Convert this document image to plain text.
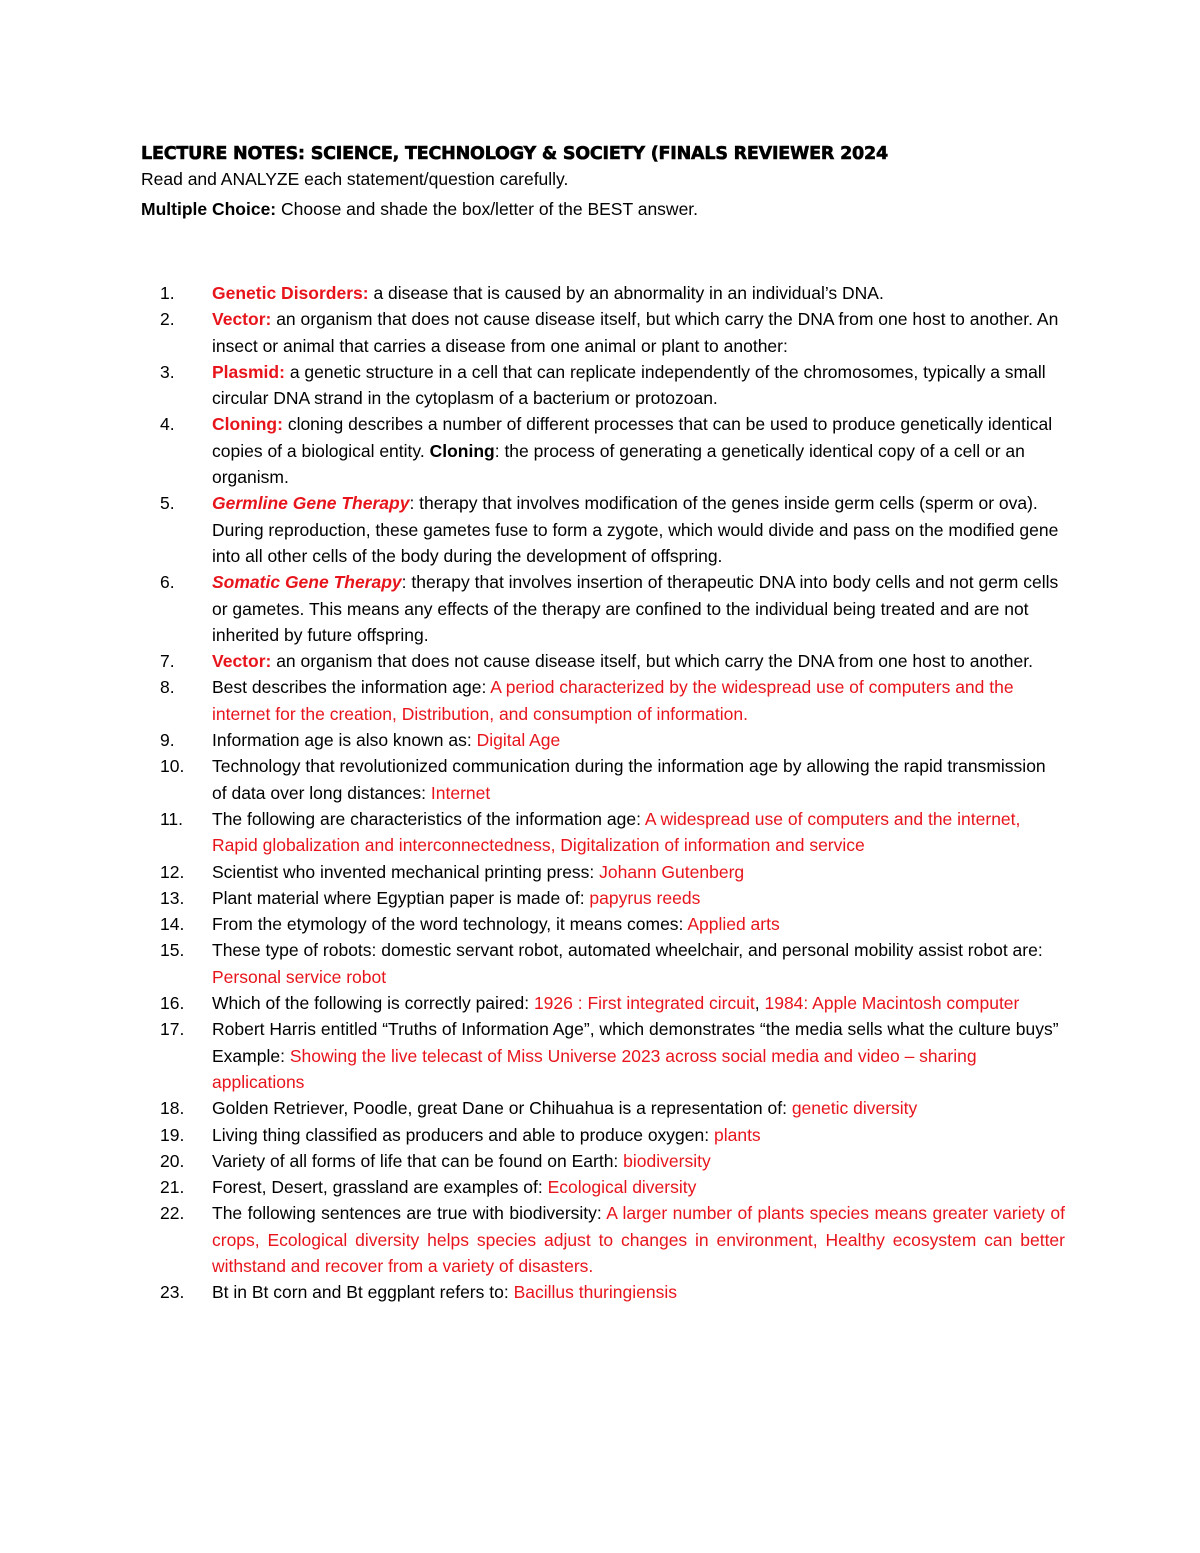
LECTURE NOTES: SCIENCE, TECHNOLOGY & SOCIETY (FINALS REVIEWER 2024
Read and ANALYZE each statement/question carefully.
Multiple Choice: Choose and shade the box/letter of the BEST answer.
1.	Genetic Disorders: a disease that is caused by an abnormality in an individual’s DNA.
2.	Vector: an organism that does not cause disease itself, but which carry the DNA from one host to another. An insect or animal that carries a disease from one animal or plant to another:
3.	Plasmid: a genetic structure in a cell that can replicate independently of the chromosomes, typically a small circular DNA strand in the cytoplasm of a bacterium or protozoan.
4.	Cloning: cloning describes a number of different processes that can be used to produce genetically identical copies of a biological entity. Cloning: the process of generating a genetically identical copy of a cell or an organism.
5.	Germline Gene Therapy: therapy that involves modification of the genes inside germ cells (sperm or ova). During reproduction, these gametes fuse to form a zygote, which would divide and pass on the modified gene into all other cells of the body during the development of offspring.
6.	Somatic Gene Therapy: therapy that involves insertion of therapeutic DNA into body cells and not germ cells or gametes. This means any effects of the therapy are confined to the individual being treated and are not inherited by future offspring.
7.	Vector: an organism that does not cause disease itself, but which carry the DNA from one host to another.
8.	Best describes the information age: A period characterized by the widespread use of computers and the internet for the creation, Distribution, and consumption of information.
9.	Information age is also known as: Digital Age
10.	Technology that revolutionized communication during the information age by allowing the rapid transmission of data over long distances: Internet
11.	The following are characteristics of the information age: A widespread use of computers and the internet, Rapid globalization and interconnectedness, Digitalization of information and service
12.	Scientist who invented mechanical printing press: Johann Gutenberg
13.	Plant material where Egyptian paper is made of: papyrus reeds
14.	From the etymology of the word technology, it means comes: Applied arts
15.	These type of robots: domestic servant robot, automated wheelchair, and personal mobility assist robot are: Personal service robot
16.	Which of the following is correctly paired: 1926 : First integrated circuit, 1984: Apple Macintosh computer
17.	Robert Harris entitled “Truths of Information Age”, which demonstrates “the media sells what the culture buys” Example: Showing the live telecast of Miss Universe 2023 across social media and video – sharing applications
18.	Golden Retriever, Poodle, great Dane or Chihuahua is a representation of: genetic diversity
19.	Living thing classified as producers and able to produce oxygen: plants
20.	Variety of all forms of life that can be found on Earth: biodiversity
21.	Forest, Desert, grassland are examples of: Ecological diversity
22.	The following sentences are true with biodiversity: A larger number of plants species means greater variety of crops, Ecological diversity helps species adjust to changes in environment, Healthy ecosystem can better withstand and recover from a variety of disasters.
23.	Bt in Bt corn and Bt eggplant refers to: Bacillus thuringiensis
